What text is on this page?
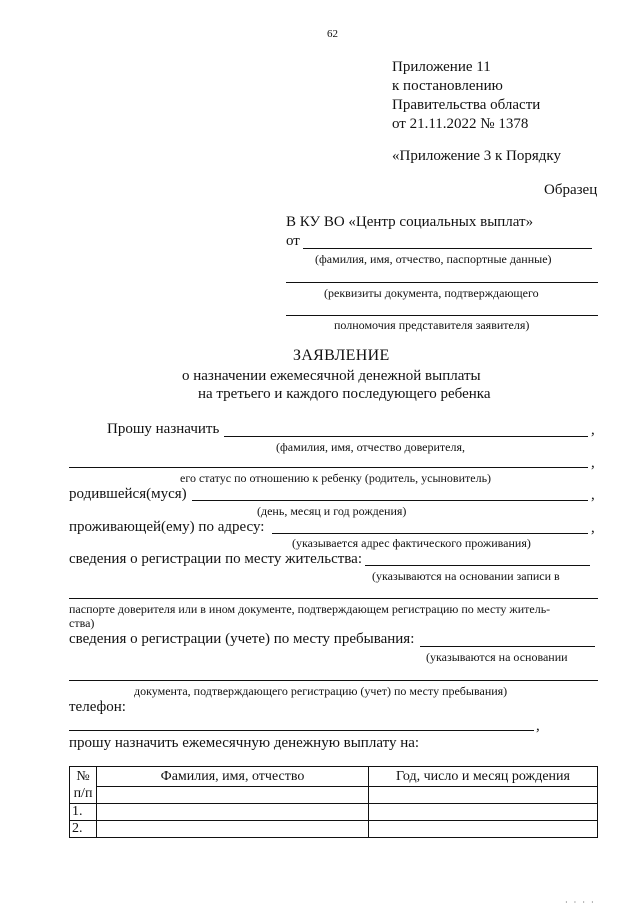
62
Приложение 11
к постановлению
Правительства области
от 21.11.2022 № 1378
«Приложение 3 к Порядку
Образец
В КУ ВО «Центр социальных выплат»
от
(фамилия, имя, отчество, паспортные данные)
(реквизиты документа, подтверждающего
полномочия представителя заявителя)
ЗАЯВЛЕНИЕ
о назначении ежемесячной денежной выплаты
на третьего и каждого последующего ребенка
Прошу назначить	,
(фамилия, имя, отчество доверителя,
,
его статус по отношению к ребенку (родитель, усыновитель)
родившейся(муся)	,
(день, месяц и год рождения)
проживающей(ему) по адресу:	,
(указывается адрес фактического проживания)
сведения о регистрации по месту жительства:
(указываются на основании записи в
паспорте доверителя или в ином документе, подтверждающем регистрацию по месту житель-
ства)
сведения о регистрации (учете) по месту пребывания:
(указываются на основании
документа, подтверждающего регистрацию (учет) по месту пребывания)
телефон:
,
прошу назначить ежемесячную денежную выплату на:
№	Фамилия, имя, отчество	Год, число и месяц рождения
п/п		
1.		
2.		
· · · ·
